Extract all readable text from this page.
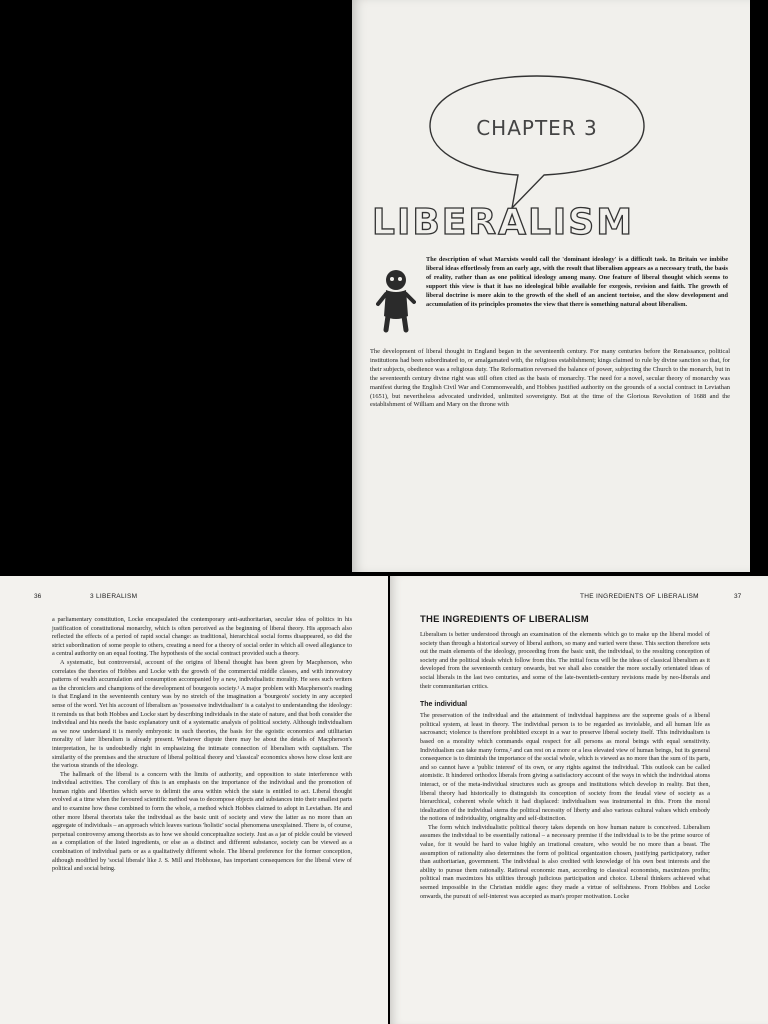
CHAPTER 3
LIBERALISM

The description of what Marxists would call the 'dominant ideology' is a difficult task. In Britain we imbibe liberal ideas effortlessly from an early age, with the result that liberalism appears as a necessary truth, the basis of reality, rather than as one political ideology among many. One feature of liberal thought which seems to support this view is that it has no ideological bible available for exegesis, revision and faith. The growth of liberal doctrine is more akin to the growth of the shell of an ancient tortoise, and the slow development and accumulation of its principles promotes the view that there is something natural about liberalism.

The development of liberal thought in England began in the seventeenth century. For many centuries before the Renaissance, political institutions had been subordinated to, or amalgamated with, the religious establishment; kings claimed to rule by divine sanction so that, for their subjects, obedience was a religious duty. The Reformation reversed the balance of power, subjecting the Church to the monarch, but in the seventeenth century divine right was still often cited as the basis of monarchy. The need for a novel, secular theory of monarchy was manifest during the English Civil War and Commonwealth, and Hobbes justified authority on the grounds of a social contract in Leviathan (1651), but nevertheless advocated undivided, unlimited sovereignty. But at the time of the Glorious Revolution of 1688 and the establishment of William and Mary on the throne with

36	3 LIBERALISM

a parliamentary constitution, Locke encapsulated the contemporary anti-authoritarian, secular idea of politics in his justification of constitutional monarchy, which is often perceived as the beginning of liberal theory. His approach also reflected the effects of a period of rapid social change: as traditional, hierarchical social forms disappeared, so did the strict subordination of some people to others, creating a need for a theory of social order in which all owed allegiance to a central authority on an equal footing. The hypothesis of the social contract provided such a theory.

A systematic, but controversial, account of the origins of liberal thought has been given by Macpherson, who correlates the theories of Hobbes and Locke with the growth of the commercial middle classes, and with innovatory patterns of wealth accumulation and consumption accompanied by a new, individualistic morality. He sees such writers as the chroniclers and champions of the development of bourgeois society.¹ A major problem with Macpherson's reading is that England in the seventeenth century was by no stretch of the imagination a 'bourgeois' society in any accepted sense of the word. Yet his account of liberalism as 'possessive individualism' is a catalyst to understanding the ideology: it reminds us that both Hobbes and Locke start by describing individuals in the state of nature, and that both consider the individual and his needs the basic explanatory unit of a systematic analysis of political society. Although individualism as we now understand it is merely embryonic in such theories, the basis for the egoistic economics and utilitarian morality of later liberalism is already present. Whatever dispute there may be about the details of Macpherson's interpretation, he is undoubtedly right in emphasizing the intimate connection of liberalism with capitalism. The similarity of the premises and the structure of liberal political theory and 'classical' economics shows how close knit are the various strands of the ideology.

The hallmark of the liberal is a concern with the limits of authority, and opposition to state interference with individual activities. The corollary of this is an emphasis on the importance of the individual and the promotion of human rights and liberties which serve to delimit the area within which the state is entitled to act. Liberal thought evolved at a time when the favoured scientific method was to decompose objects and substances into their smallest parts and to examine how these combined to form the whole, a method which Hobbes claimed to adopt in Leviathan. He and other more liberal theorists take the individual as the basic unit of society and view the latter as no more than an aggregate of individuals – an approach which leaves various 'holistic' social phenomena unexplained. There is, of course, perpetual controversy among theorists as to how we should conceptualize society. Just as a jar of pickle could be viewed as a compilation of the listed ingredients, or else as a distinct and different substance, society can be viewed as a combination of individual parts or as a qualitatively different whole. The liberal preference for the former conception, although modified by 'social liberals' like J. S. Mill and Hobhouse, has important consequences for the liberal view of political and social being.

THE INGREDIENTS OF LIBERALISM	37
THE INGREDIENTS OF LIBERALISM

Liberalism is better understood through an examination of the elements which go to make up the liberal model of society than through a historical survey of liberal authors, so many and varied were these. This section therefore sets out the main elements of the ideology, proceeding from the basic unit, the individual, to the resulting conception of society and the political ideals which follow from this. The initial focus will be the ideas of classical liberalism as it developed from the seventeenth century onwards, but we shall also consider the more socially orientated ideas of social liberals in the last two centuries, and some of the late-twentieth-century revisions made by neo-liberals and their communitarian critics.

The individual

The preservation of the individual and the attainment of individual happiness are the supreme goals of a liberal political system, at least in theory. The individual person is to be regarded as inviolable, and all human life as sacrosanct; violence is therefore prohibited except in a war to preserve liberal society itself. This individualism is based on a morality which commands equal respect for all persons as moral beings with equal sensitivity. Individualism can take many forms,² and can rest on a more or a less elevated view of human beings, but its general consequence is to diminish the importance of the social whole, which is viewed as no more than the sum of its parts, and so cannot have a 'public interest' of its own, or any rights against the individual. This outlook can be called atomistic. It hindered orthodox liberals from giving a satisfactory account of the ways in which the individual atoms interact, or of the meta-individual structures such as groups and institutions which develop in reality. But then, liberal theory had historically to distinguish its conception of society from the feudal view of society as a hierarchical, coherent whole which it had displaced: individualism was instrumental in this. From the moral idealization of the individual stems the political necessity of liberty and also various cultural values which embody the notions of individuality, originality and self-distinction.

The form which individualistic political theory takes depends on how human nature is conceived. Liberalism assumes the individual to be essentially rational – a necessary premise if the individual is to be the prime source of value, for it would be hard to value highly an irrational creature, who would be no more than a beast. The assumption of rationality also determines the form of political organization chosen, justifying participatory, rather than authoritarian, government. The individual is also credited with knowledge of his own best interests and the ability to pursue them rationally. Rational economic man, according to classical economists, maximizes profits; political man maximizes his utilities through judicious participation and choice. Liberal thinkers achieved what seemed impossible in the Christian middle ages: they made a virtue of selfishness. From Hobbes and Locke onwards, the pursuit of self-interest was accepted as man's proper motivation. Locke
